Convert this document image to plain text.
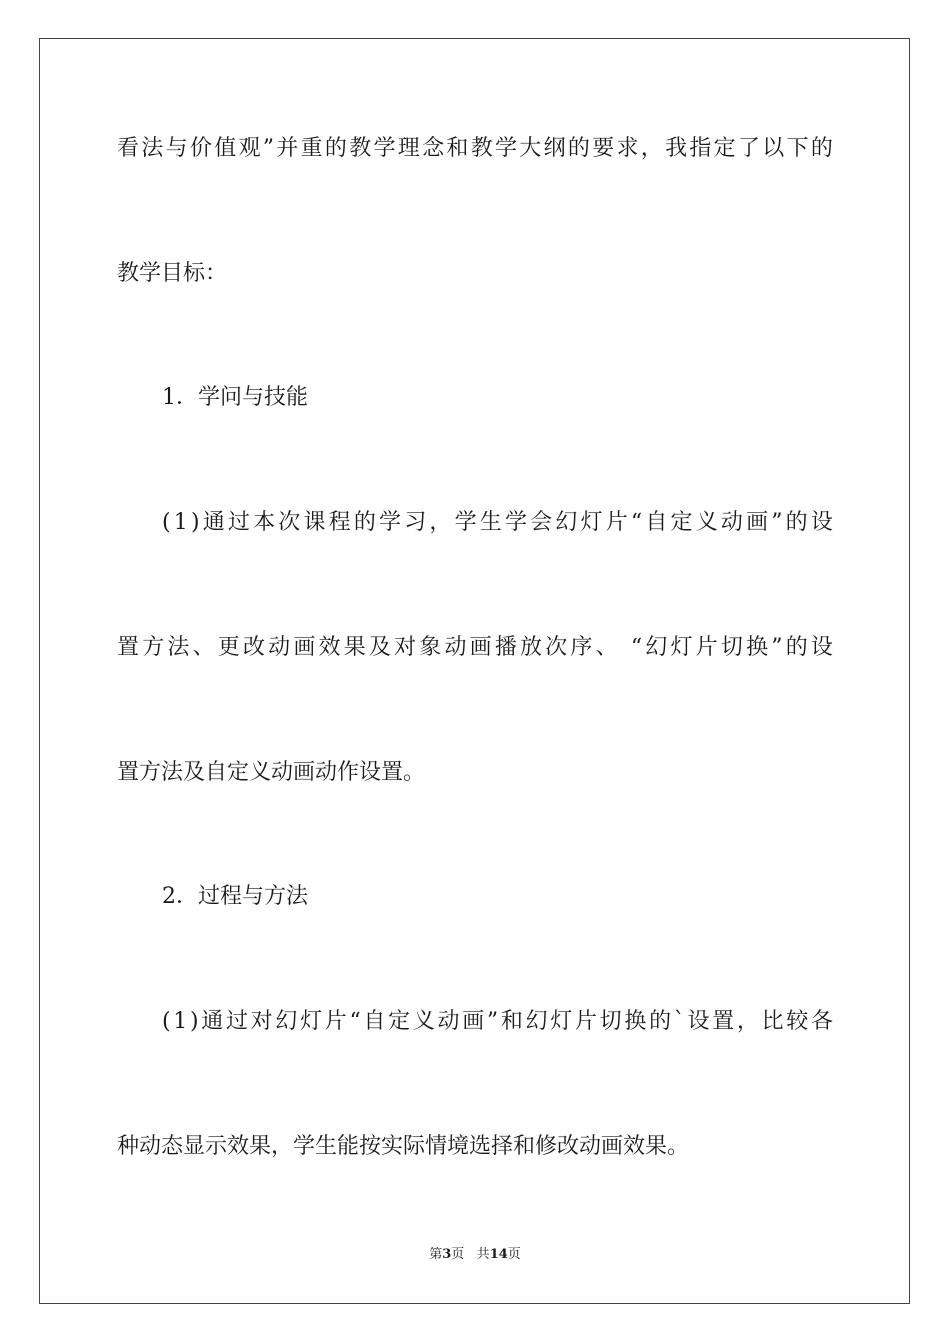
看 法 与 价 值 观 ” 并 重 的 教 学 理 念 和 教 学 大 纲 的 要 求 ， 我 指 定 了 以 下 的
教学目标：
1．学问与技能
( 1 ) 通 过 本 次 课 程 的 学 习 ， 学 生 学 会 幻 灯 片 “ 自 定 义 动 画 ” 的 设
置 方 法 、 更 改 动 画 效 果 及 对 象 动 画 播 放 次 序 、
“ 幻 灯 片 切 换 ” 的 设
置方法及自定义动画动作设置。
2．过程与方法
( 1 ) 通 过 对 幻 灯 片 “ 自 定 义 动 画 ” 和 幻 灯 片 切 换 的 ` 设 置 ， 比 较 各
种动态显示效果，学生能按实际情境选择和修改动画效果。
第3页 共14页
